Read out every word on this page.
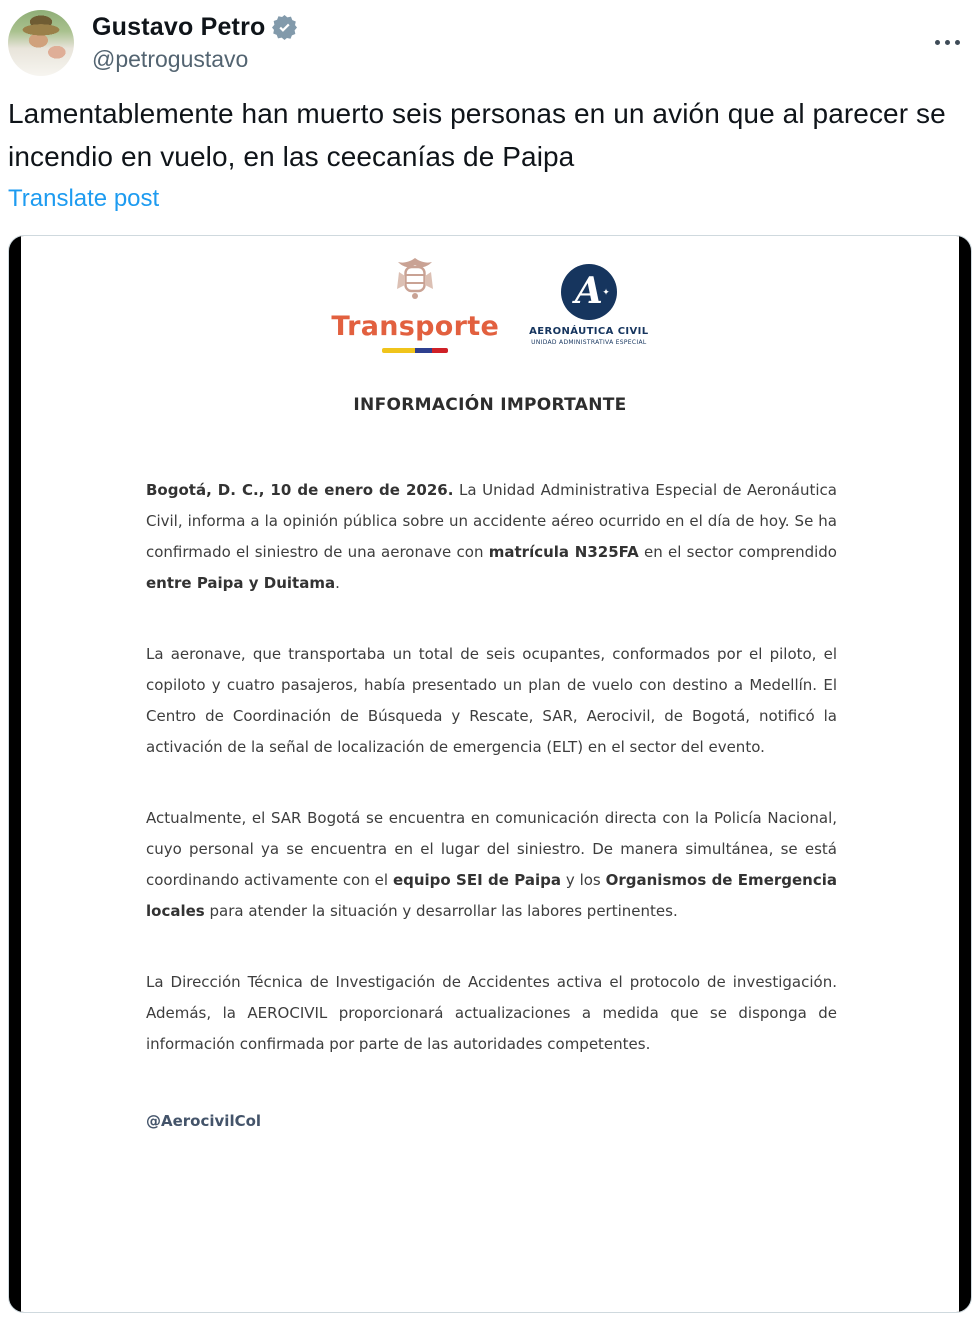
Gustavo Petro
@petrogustavo
Lamentablemente han muerto seis personas en un avión que al parecer se incendio en vuelo, en las ceecanías de Paipa
Translate post
Transporte
A ✦
AERONÁUTICA CIVIL
UNIDAD ADMINISTRATIVA ESPECIAL
INFORMACIÓN IMPORTANTE

Bogotá, D. C., 10 de enero de 2026. La Unidad Administrativa Especial de Aeronáutica Civil, informa a la opinión pública sobre un accidente aéreo ocurrido en el día de hoy. Se ha confirmado el siniestro de una aeronave con matrícula N325FA en el sector comprendido entre Paipa y Duitama.

La aeronave, que transportaba un total de seis ocupantes, conformados por el piloto, el copiloto y cuatro pasajeros, había presentado un plan de vuelo con destino a Medellín. El Centro de Coordinación de Búsqueda y Rescate, SAR, Aerocivil, de Bogotá, notificó la activación de la señal de localización de emergencia (ELT) en el sector del evento.

Actualmente, el SAR Bogotá se encuentra en comunicación directa con la Policía Nacional, cuyo personal ya se encuentra en el lugar del siniestro. De manera simultánea, se está coordinando activamente con el equipo SEI de Paipa y los Organismos de Emergencia locales para atender la situación y desarrollar las labores pertinentes.

La Dirección Técnica de Investigación de Accidentes activa el protocolo de investigación. Además, la AEROCIVIL proporcionará actualizaciones a medida que se disponga de información confirmada por parte de las autoridades competentes.

@AerocivilCol
